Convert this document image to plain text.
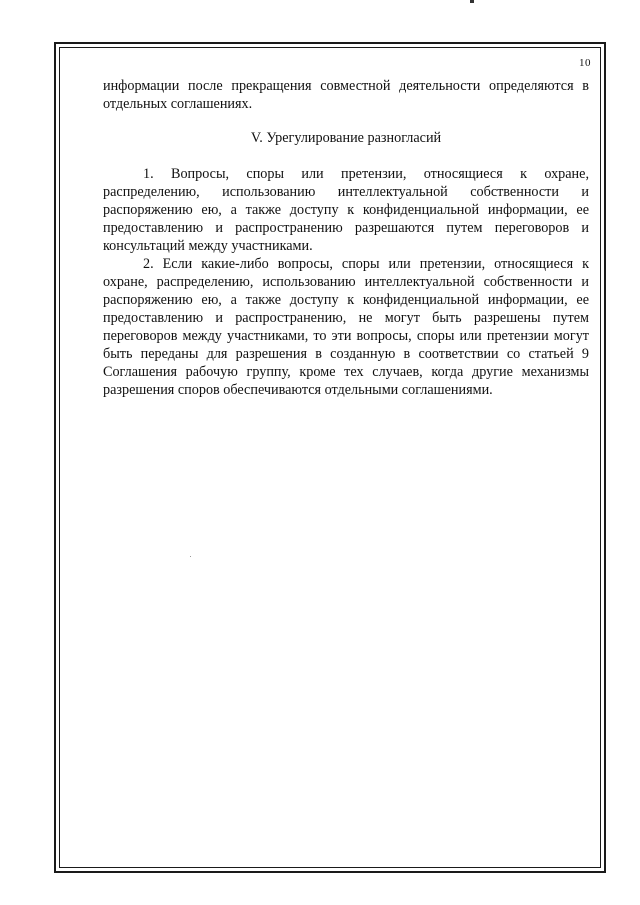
10

информации после прекращения совместной деятельности определяются в отдельных соглашениях.

V. Урегулирование разногласий

1. Вопросы, споры или претензии, относящиеся к охране, распределению, использованию интеллектуальной собственности и распоряжению ею, а также доступу к конфиденциальной информации, ее предоставлению и распространению разрешаются путем переговоров и консультаций между участниками.

2. Если какие-либо вопросы, споры или претензии, относящиеся к охране, распределению, использованию интеллектуальной собственности и распоряжению ею, а также доступу к конфиденциальной информации, ее предоставлению и распространению, не могут быть разрешены путем переговоров между участниками, то эти вопросы, споры или претензии могут быть переданы для разрешения в созданную в соответствии со статьей 9 Соглашения рабочую группу, кроме тех случаев, когда другие механизмы разрешения споров обеспечиваются отдельными соглашениями.
